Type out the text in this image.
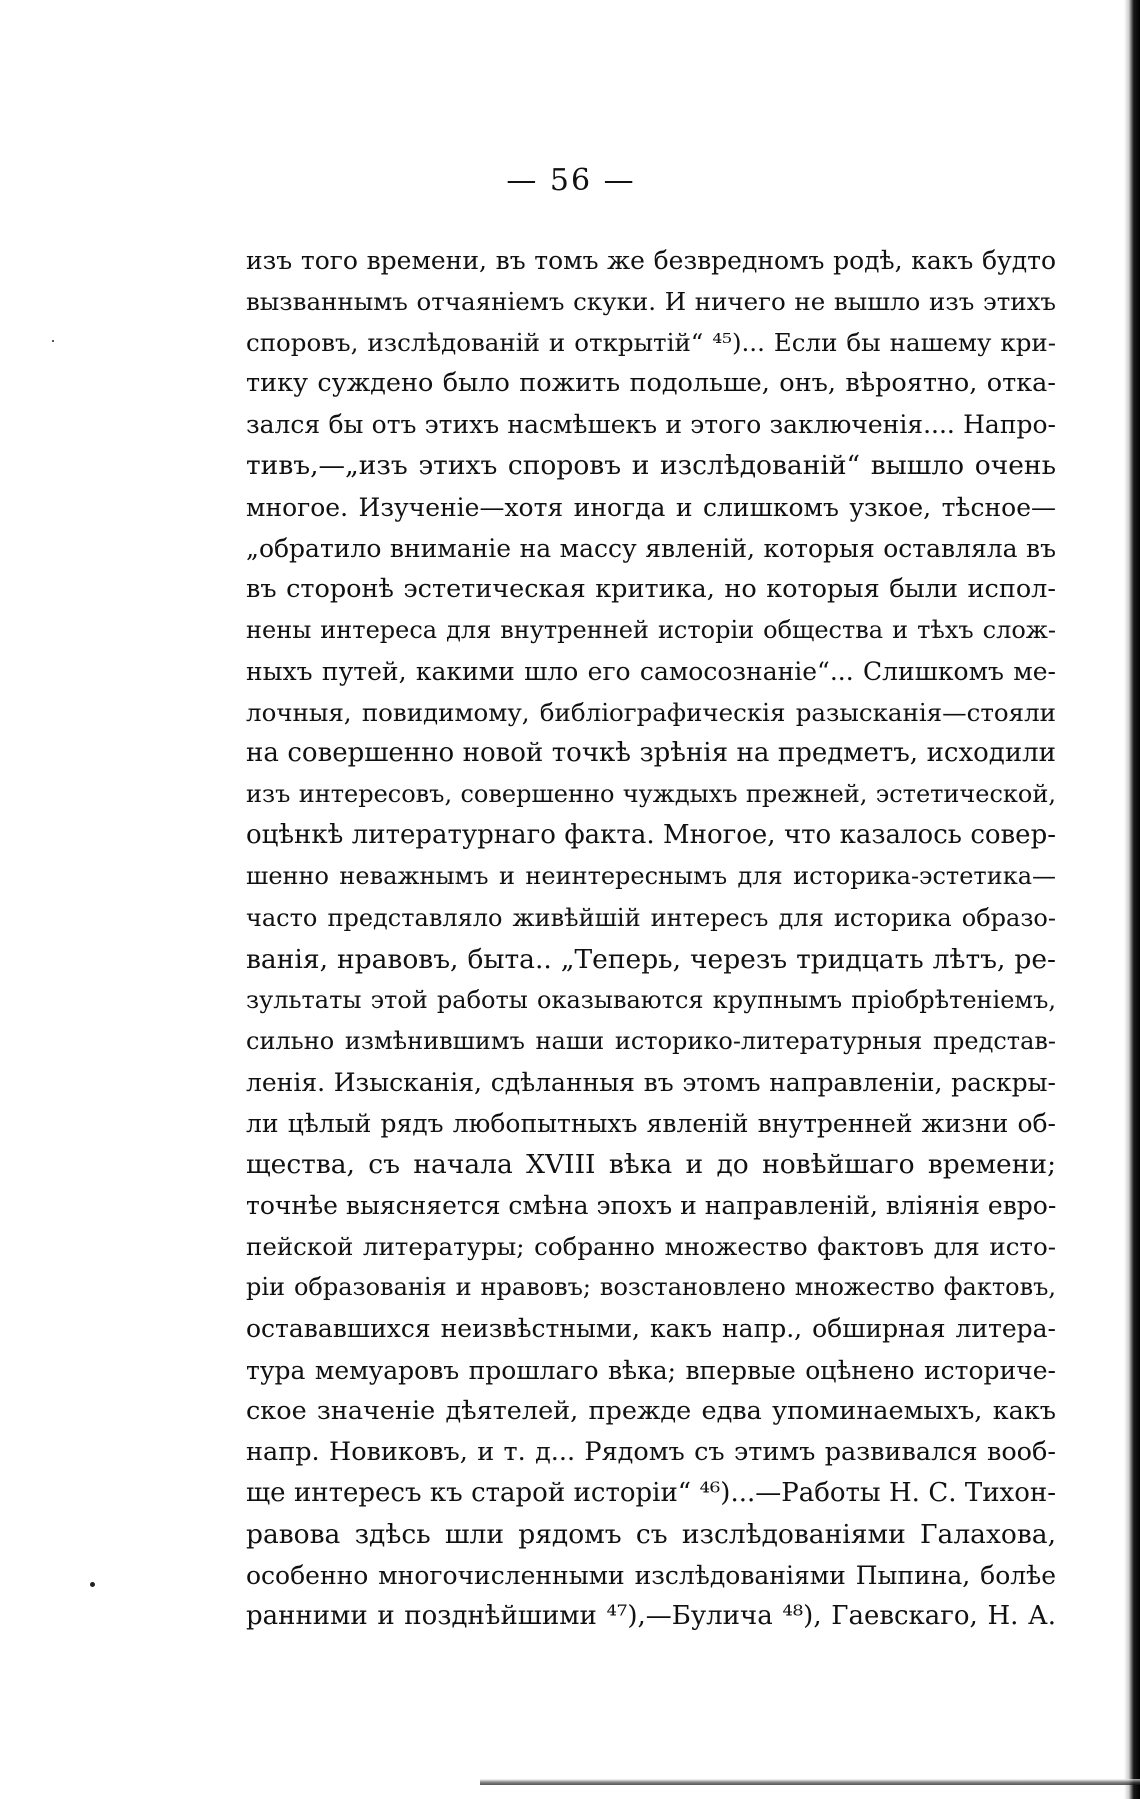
— 56 —
изъ того времени, въ томъ же безвредномъ родѣ, какъ будто
вызваннымъ отчаяніемъ скуки. И ничего не вышло изъ этихъ
споровъ, изслѣдованій и открытій“ ⁴⁵)... Если бы нашему кри-
тику суждено было пожить подольше, онъ, вѣроятно, отка-
зался бы отъ этихъ насмѣшекъ и этого заключенія.... Напро-
тивъ,—„изъ этихъ споровъ и изслѣдованій“ вышло очень
многое. Изученіе—хотя иногда и слишкомъ узкое, тѣсное—
„обратило вниманіе на массу явленій, которыя оставляла въ
въ сторонѣ эстетическая критика, но которыя были испол-
нены интереса для внутренней исторіи общества и тѣхъ слож-
ныхъ путей, какими шло его самосознаніе“... Слишкомъ ме-
лочныя, повидимому, библіографическія разысканія—стояли
на совершенно новой точкѣ зрѣнія на предметъ, исходили
изъ интересовъ, совершенно чуждыхъ прежней, эстетической,
оцѣнкѣ литературнаго факта. Многое, что казалось совер-
шенно неважнымъ и неинтереснымъ для историка-эстетика—
часто представляло живѣйшій интересъ для историка образо-
ванія, нравовъ, быта.. „Теперь, черезъ тридцать лѣтъ, ре-
зультаты этой работы оказываются крупнымъ пріобрѣтеніемъ,
сильно измѣнившимъ наши историко-литературныя представ-
ленія. Изысканія, сдѣланныя въ этомъ направленіи, раскры-
ли цѣлый рядъ любопытныхъ явленій внутренней жизни об-
щества, съ начала XVIII вѣка и до новѣйшаго времени;
точнѣе выясняется смѣна эпохъ и направленій, вліянія евро-
пейской литературы; собранно множество фактовъ для исто-
ріи образованія и нравовъ; возстановлено множество фактовъ,
остававшихся неизвѣстными, какъ напр., обширная литера-
тура мемуаровъ прошлаго вѣка; впервые оцѣнено историче-
ское значеніе дѣятелей, прежде едва упоминаемыхъ, какъ
напр. Новиковъ, и т. д... Рядомъ съ этимъ развивался вооб-
ще интересъ къ старой исторіи“ ⁴⁶)...—Работы Н. С. Тихон-
равова здѣсь шли рядомъ съ изслѣдованіями Галахова,
особенно многочисленными изслѣдованіями Пыпина, болѣе
ранними и позднѣйшими ⁴⁷),—Булича ⁴⁸), Гаевскаго, Н. А.
